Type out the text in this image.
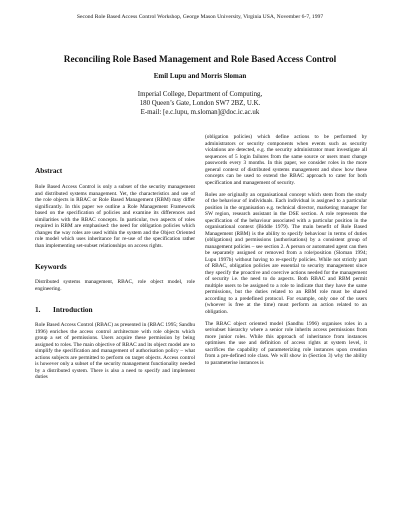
Second Role Based Access Control Workshop, George Mason University, Virginia USA, November 6-7, 1997
Reconciling Role Based Management and Role Based Access Control
Emil Lupu and Morris Sloman
Imperial College, Department of Computing,
180 Queen’s Gate, London SW7 2BZ, U.K.
E-mail: [e.c.lupu, m.sloman]@doc.ic.ac.uk
Abstract

Role Based Access Control is only a subset of the security management and distributed systems management. Yet, the characteristics and use of the role objects in RBAC or Role Based Management (RBM) may differ significantly. In this paper we outline a Role Management Framework based on the specification of policies and examine its differences and similarities with the RBAC concepts. In particular, two aspects of roles required in RBM are emphasised: the need for obligation policies which changes the way roles are used within the system and the Object Oriented role model which uses inheritance for re-use of the specification rather than implementing set-subset relationships on access rights.

Keywords

Distributed systems management, RBAC, role object model, role engineering.

1. Introduction

Role Based Access Control (RBAC) as presented in (RBAC 1995; Sandhu 1996) enriches the access control architecture with role objects which group a set of permissions. Users acquire these permission by being assigned to roles. The main objective of RBAC and its object model are to simplify the specification and management of authorisation policy – what actions subjects are permitted to perform on target objects. Access control is however only a subset of the security management functionality needed by a distributed system. There is also a need to specify and implement duties

(obligation policies) which define actions to be performed by administrators or security components when events such as security violations are detected, e.g. the security administrator must investigate all sequences of 5 login failures from the same source or users must change passwords every 3 months. In this paper, we consider roles in the more general context of distributed systems management and show how these concepts can be used to extend the RBAC approach to cater for both specification and management of security.

Roles are originally an organisational concept which stem from the study of the behaviour of individuals. Each individual is assigned to a particular position in the organisation e.g. technical director, marketing manager for SW region, research assistant in the DSE section. A role represents the specification of the behaviour associated with a particular position in the organisational context (Biddle 1979). The main benefit of Role Based Management (RBM) is the ability to specify behaviour in terms of duties (obligations) and permissions (authorisations) by a consistent group of management policies – see section 2. A person or automated agent can then be separately assigned or removed from a role/position (Sloman 1994; Lupu 1997b) without having to re-specify policies. While not strictly part of RBAC, obligation policies are essential to security management since they specify the proactive and coercive actions needed for the management of security i.e. the need to do aspects. Both RBAC and RBM permit multiple users to be assigned to a role to indicate that they have the same permissions, but the duties related to an RBM role must be shared according to a predefined protocol. For example, only one of the users (whoever is free at the time) must perform an action related to an obligation.

The RBAC object oriented model (Sandhu 1996) organises roles in a set/subset hierarchy where a senior role inherits access permissions from more junior roles. While this approach of inheritance from instances optimises the use and definition of access rights at system level, it sacrifices the capability of parameterizing role instances upon creation from a pre-defined role class. We will show in (Section 3) why the ability to parameterise instances is
